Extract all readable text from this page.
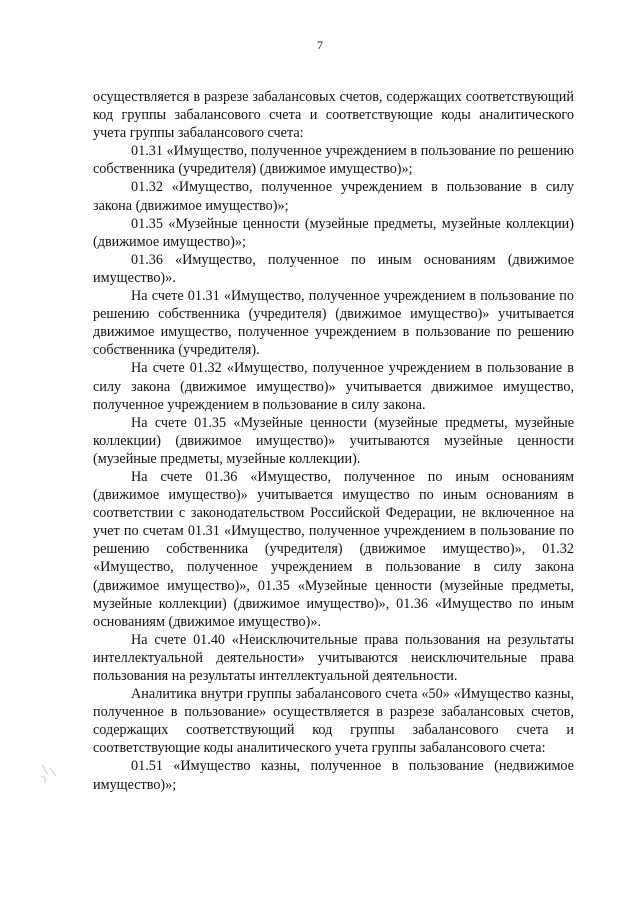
7

осуществляется в разрезе забалансовых счетов, содержащих соответствующий код группы забалансового счета и соответствующие коды аналитического учета группы забалансового счета:

01.31 «Имущество, полученное учреждением в пользование по решению собственника (учредителя) (движимое имущество)»;

01.32 «Имущество, полученное учреждением в пользование в силу закона (движимое имущество)»;

01.35 «Музейные ценности (музейные предметы, музейные коллекции) (движимое имущество)»;

01.36 «Имущество, полученное по иным основаниям (движимое имущество)».

На счете 01.31 «Имущество, полученное учреждением в пользование по решению собственника (учредителя) (движимое имущество)» учитывается движимое имущество, полученное учреждением в пользование по решению собственника (учредителя).

На счете 01.32 «Имущество, полученное учреждением в пользование в силу закона (движимое имущество)» учитывается движимое имущество, полученное учреждением в пользование в силу закона.

На счете 01.35 «Музейные ценности (музейные предметы, музейные коллекции) (движимое имущество)» учитываются музейные ценности (музейные предметы, музейные коллекции).

На счете 01.36 «Имущество, полученное по иным основаниям (движимое имущество)» учитывается имущество по иным основаниям в соответствии с законодательством Российской Федерации, не включенное на учет по счетам 01.31 «Имущество, полученное учреждением в пользование по решению собственника (учредителя) (движимое имущество)», 01.32 «Имущество, полученное учреждением в пользование в силу закона (движимое имущество)», 01.35 «Музейные ценности (музейные предметы, музейные коллекции) (движимое имущество)», 01.36 «Имущество по иным основаниям (движимое имущество)».

На счете 01.40 «Неисключительные права пользования на результаты интеллектуальной деятельности» учитываются неисключительные права пользования на результаты интеллектуальной деятельности.

Аналитика внутри группы забалансового счета «50» «Имущество казны, полученное в пользование» осуществляется в разрезе забалансовых счетов, содержащих соответствующий код группы забалансового счета и соответствующие коды аналитического учета группы забалансового счета:

01.51 «Имущество казны, полученное в пользование (недвижимое имущество)»;
